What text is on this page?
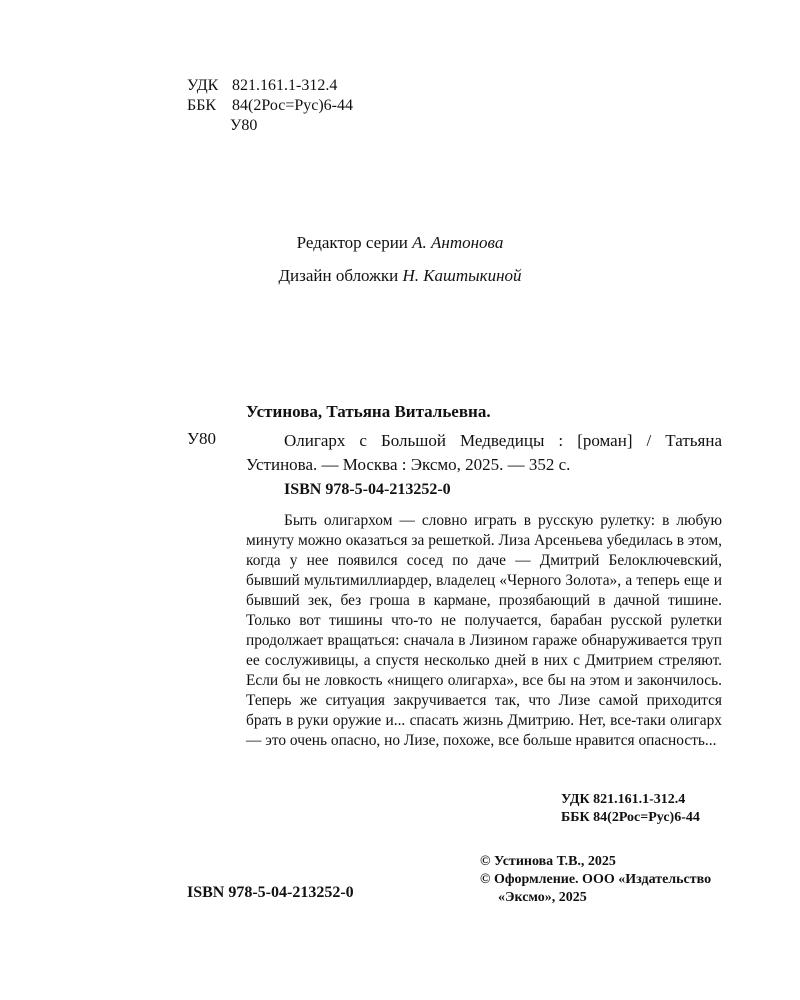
УДК 821.161.1-312.4
ББК 84(2Рос=Рус)6-44
У80
Редактор серии А. Антонова
Дизайн обложки Н. Каштыкиной
Устинова, Татьяна Витальевна.
У80	Олигарх с Большой Медведицы : [роман] / Татьяна Устинова. — Москва : Эксмо, 2025. — 352 с.
ISBN 978-5-04-213252-0
Быть олигархом — словно играть в русскую рулетку: в любую минуту можно оказаться за решеткой. Лиза Арсеньева убедилась в этом, когда у нее появился сосед по даче — Дмитрий Белоключевский, бывший мультимиллиардер, владелец «Черного Золота», а теперь еще и бывший зек, без гроша в кармане, прозябающий в дачной тишине. Только вот тишины что-то не получается, барабан русской рулетки продолжает вращаться: сначала в Лизином гараже обнаруживается труп ее сослуживицы, а спустя несколько дней в них с Дмитрием стреляют. Если бы не ловкость «нищего олигарха», все бы на этом и закончилось. Теперь же ситуация закручивается так, что Лизе самой приходится брать в руки оружие и... спасать жизнь Дмитрию. Нет, все-таки олигарх — это очень опасно, но Лизе, похоже, все больше нравится опасность...
УДК 821.161.1-312.4
ББК 84(2Рос=Рус)6-44
© Устинова Т.В., 2025
© Оформление. ООО «Издательство
«Эксмо», 2025
ISBN 978-5-04-213252-0
